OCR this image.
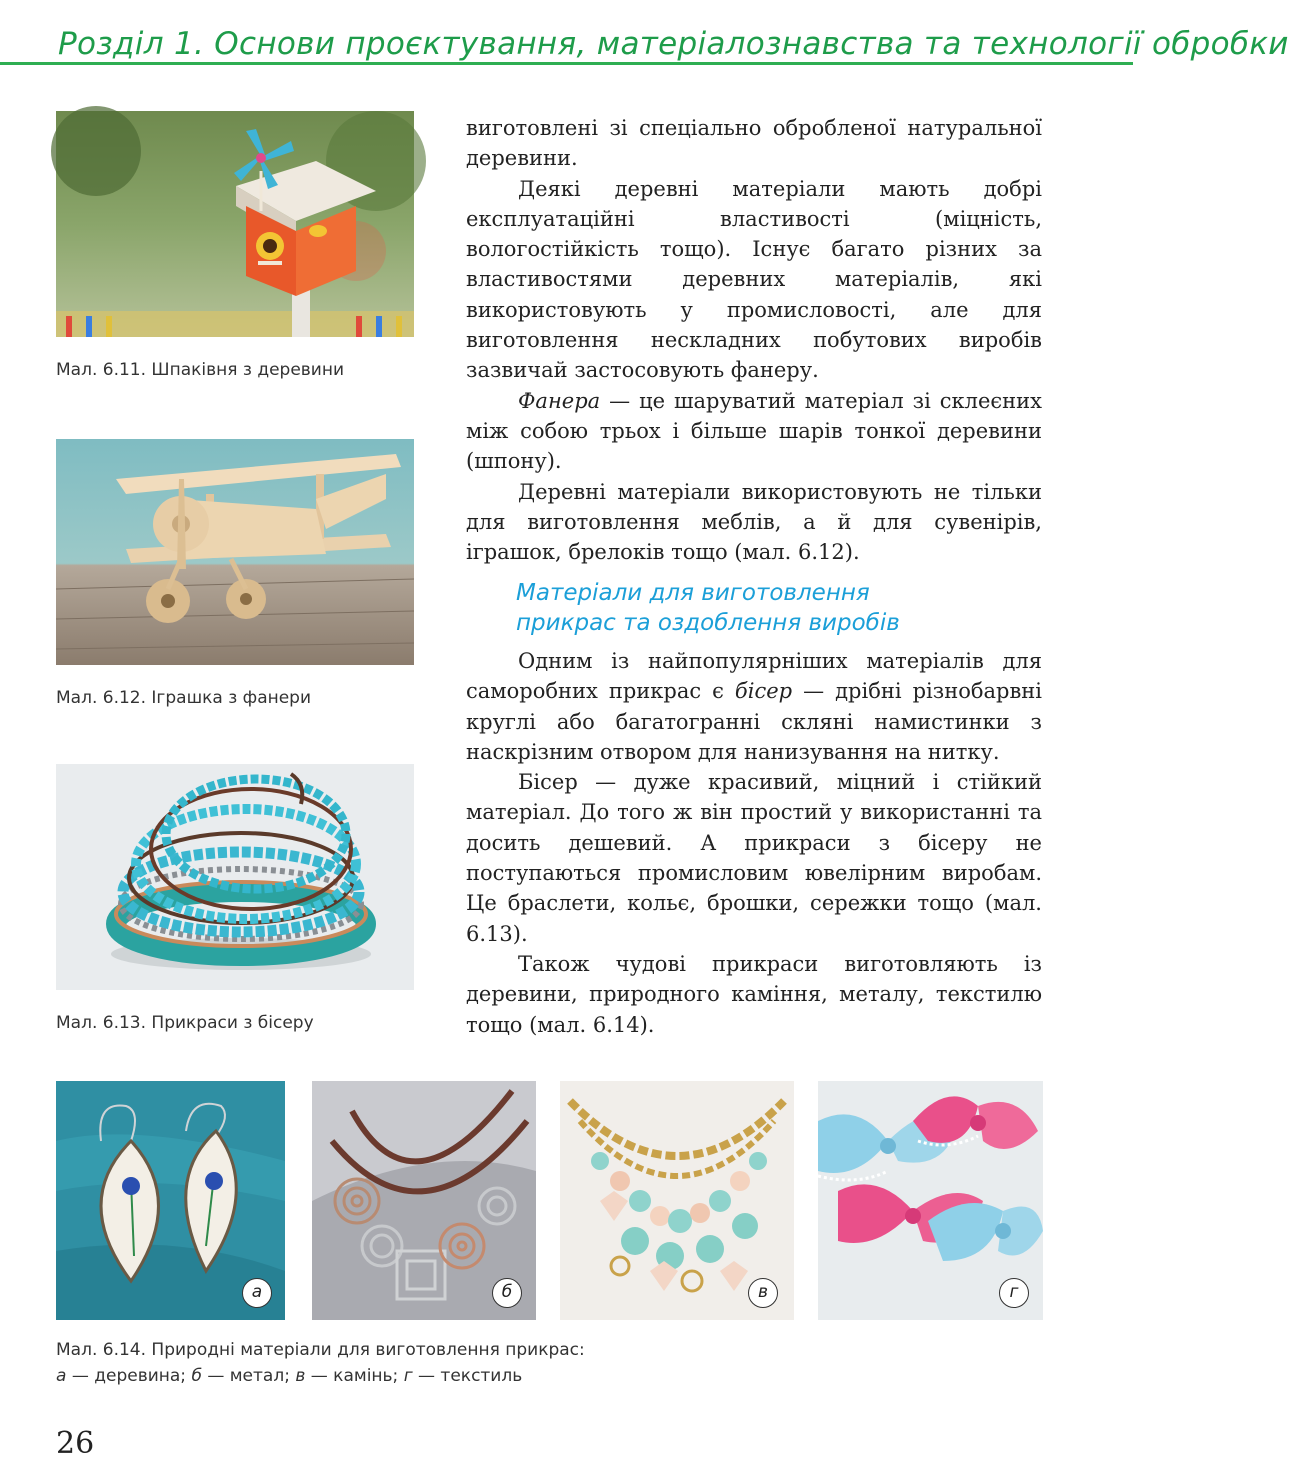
Розділ 1. Основи проєктування, матеріалознавства та технології обробки
Мал. 6.11. Шпаківня з деревини
Мал. 6.12. Іграшка з фанери
Мал. 6.13. Прикраси з бісеру

виготовлені зі спеціально обробленої натуральної деревини.

Деякі деревні матеріали мають добрі експлуатаційні властивості (міцність, вологостійкість тощо). Існує багато різних за властивостями деревних матеріалів, які використовують у промисловості, але для виготовлення нескладних побутових виробів зазвичай застосовують фанеру.

Фанера — це шаруватий матеріал зі склеєних між собою трьох і більше шарів тонкої деревини (шпону).

Деревні матеріали використовують не тільки для виготовлення меблів, а й для сувенірів, іграшок, брелоків тощо (мал. 6.12).

Матеріали для виготовлення
прикрас та оздоблення виробів

Одним із найпопулярніших матеріалів для саморобних прикрас є бісер — дрібні різнобарвні круглі або багатогранні скляні намистинки з наскрізним отвором для нанизування на нитку.

Бісер — дуже красивий, міцний і стійкий матеріал. До того ж він простий у використанні та досить дешевий. А прикраси з бісеру не поступаються промисловим ювелірним виробам. Це браслети, кольє, брошки, сережки тощо (мал. 6.13).

Також чудові прикраси виготовляють із деревини, природного каміння, металу, текстилю тощо (мал. 6.14).

а	б	в	г
Мал. 6.14. Природні матеріали для виготовлення прикрас:
а — деревина; б — метал; в — камінь; г — текстиль
26
